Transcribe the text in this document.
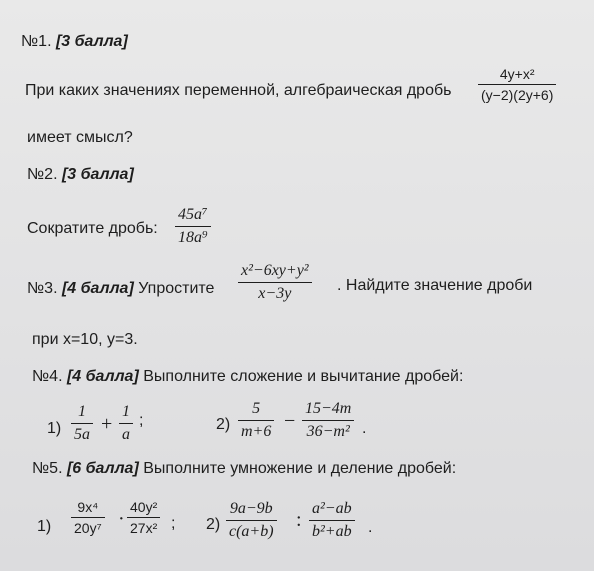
№1. [3 балла]
При каких значениях переменной, алгебраическая дробь
4y+x²
(y−2)(2y+6)
имеет смысл?
№2. [3 балла]
Сократите дробь:
45a⁷
18a⁹
№3. [4 балла] Упростите
x²−6xy+y²
x−3y	. Найдите значение дроби
при x=10, y=3.
№4. [4 балла] Выполните сложение и вычитание дробей:
1)
1
5a +
1
a
;	2)
5
m+6 −
15−4m
36−m² .
№5. [6 балла] Выполните умножение и деление дробей:
1)
9x⁴
20y⁷ ·
40y²
27x² ; 2)
9a−9b
c(a+b)
:
a²−ab
b²+ab .
